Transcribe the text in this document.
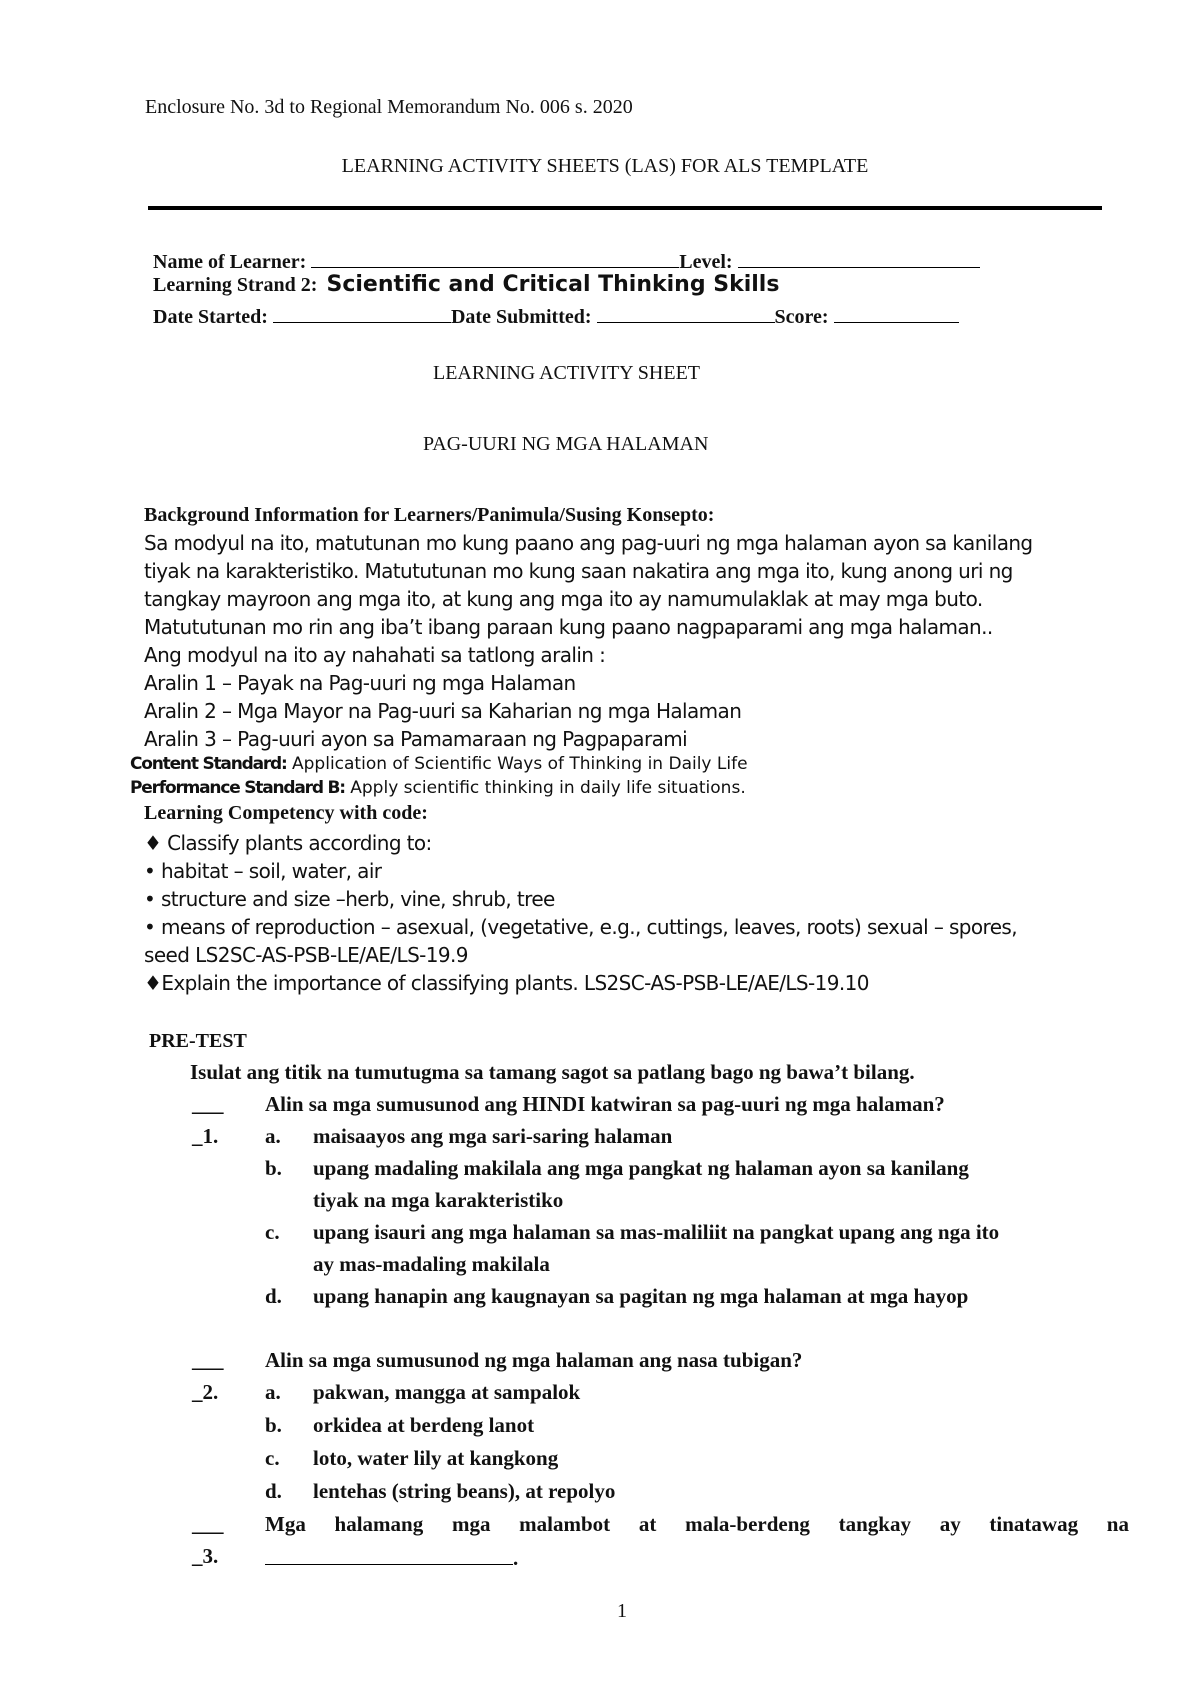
Enclosure No. 3d to Regional Memorandum No. 006 s. 2020
LEARNING ACTIVITY SHEETS (LAS) FOR ALS TEMPLATE
Name of Learner:	Level:
Learning Strand 2: Scientific and Critical Thinking Skills
Date Started:	Date Submitted:	Score:
LEARNING ACTIVITY SHEET
PAG-UURI NG MGA HALAMAN
Background Information for Learners/Panimula/Susing Konsepto:
Sa modyul na ito, matutunan mo kung paano ang pag-uuri ng mga halaman ayon sa kanilang
tiyak na karakteristiko. Matututunan mo kung saan nakatira ang mga ito, kung anong uri ng
tangkay mayroon ang mga ito, at kung ang mga ito ay namumulaklak at may mga buto.
Matututunan mo rin ang iba’t ibang paraan kung paano nagpaparami ang mga halaman..
Ang modyul na ito ay nahahati sa tatlong aralin :
Aralin 1 – Payak na Pag-uuri ng mga Halaman
Aralin 2 – Mga Mayor na Pag-uuri sa Kaharian ng mga Halaman
Aralin 3 – Pag-uuri ayon sa Pamamaraan ng Pagpaparami
Content Standard: Application of Scientific Ways of Thinking in Daily Life
Performance Standard B: Apply scientific thinking in daily life situations.
Learning Competency with code:
♦ Classify plants according to:
• habitat – soil, water, air
• structure and size –herb, vine, shrub, tree
• means of reproduction – asexual, (vegetative, e.g., cuttings, leaves, roots) sexual – spores,
seed LS2SC-AS-PSB-LE/AE/LS-19.9
♦Explain the importance of classifying plants. LS2SC-AS-PSB-LE/AE/LS-19.10
PRE-TEST
Isulat ang titik na tumutugma sa tamang sagot sa patlang bago ng bawa’t bilang.
___
_1.
Alin sa mga sumusunod ang HINDI katwiran sa pag-uuri ng mga halaman?
a. maisaayos ang mga sari-saring halaman
b. upang madaling makilala ang mga pangkat ng halaman ayon sa kanilang
tiyak na mga karakteristiko
c. upang isauri ang mga halaman sa mas-maliliit na pangkat upang ang nga ito
ay mas-madaling makilala
d. upang hanapin ang kaugnayan sa pagitan ng mga halaman at mga hayop
___
_2.
Alin sa mga sumusunod ng mga halaman ang nasa tubigan?
a. pakwan, mangga at sampalok
b. orkidea at berdeng lanot
c. loto, water lily at kangkong
d. lentehas (string beans), at repolyo
___
_3.
Mga halamang mga malambot at mala-berdeng tangkay ay tinatawag na
.
1
